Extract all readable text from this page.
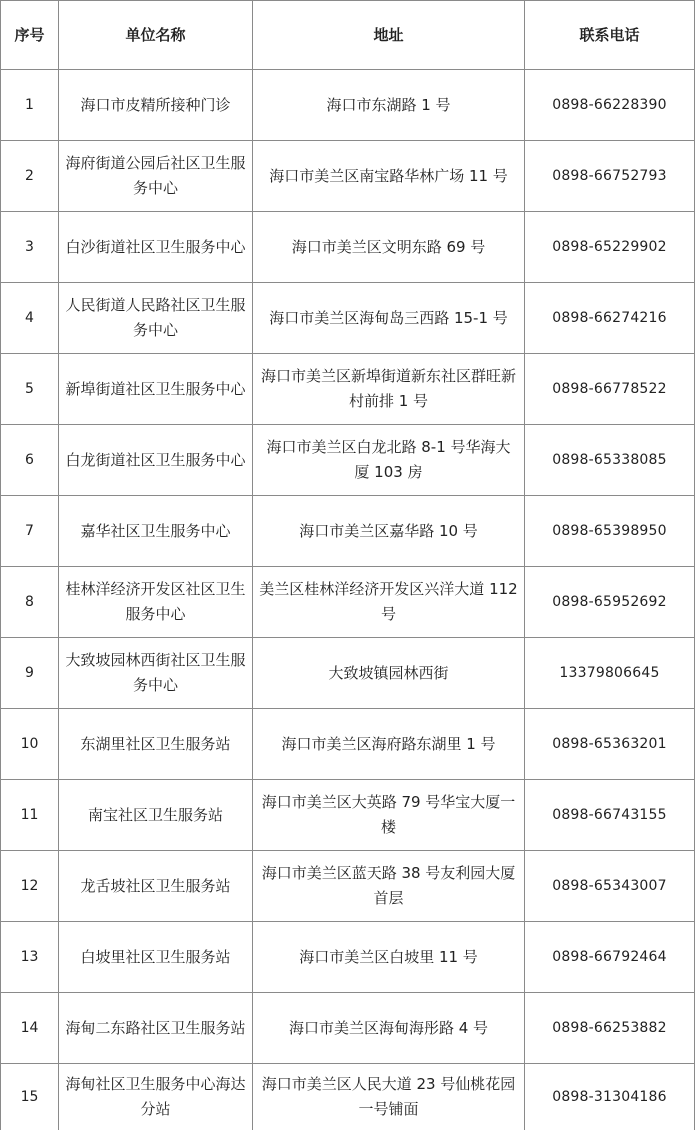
序号	单位名称	地址	联系电话
1	海口市皮精所接种门诊	海口市东湖路 1 号	0898-66228390
2	海府街道公园后社区卫生服务中心	海口市美兰区南宝路华林广场 11 号	0898-66752793
3	白沙街道社区卫生服务中心	海口市美兰区文明东路 69 号	0898-65229902
4	人民街道人民路社区卫生服务中心	海口市美兰区海甸岛三西路 15-1 号	0898-66274216
5	新埠街道社区卫生服务中心	海口市美兰区新埠街道新东社区群旺新村前排 1 号	0898-66778522
6	白龙街道社区卫生服务中心	海口市美兰区白龙北路 8-1 号华海大厦 103 房	0898-65338085
7	嘉华社区卫生服务中心	海口市美兰区嘉华路 10 号	0898-65398950
8	桂林洋经济开发区社区卫生服务中心	美兰区桂林洋经济开发区兴洋大道 112 号	0898-65952692
9	大致坡园林西街社区卫生服务中心	大致坡镇园林西街	13379806645
10	东湖里社区卫生服务站	海口市美兰区海府路东湖里 1 号	0898-65363201
11	南宝社区卫生服务站	海口市美兰区大英路 79 号华宝大厦一楼	0898-66743155
12	龙舌坡社区卫生服务站	海口市美兰区蓝天路 38 号友利园大厦首层	0898-65343007
13	白坡里社区卫生服务站	海口市美兰区白坡里 11 号	0898-66792464
14	海甸二东路社区卫生服务站	海口市美兰区海甸海彤路 4 号	0898-66253882
15	海甸社区卫生服务中心海达分站	海口市美兰区人民大道 23 号仙桃花园一号铺面	0898-31304186
